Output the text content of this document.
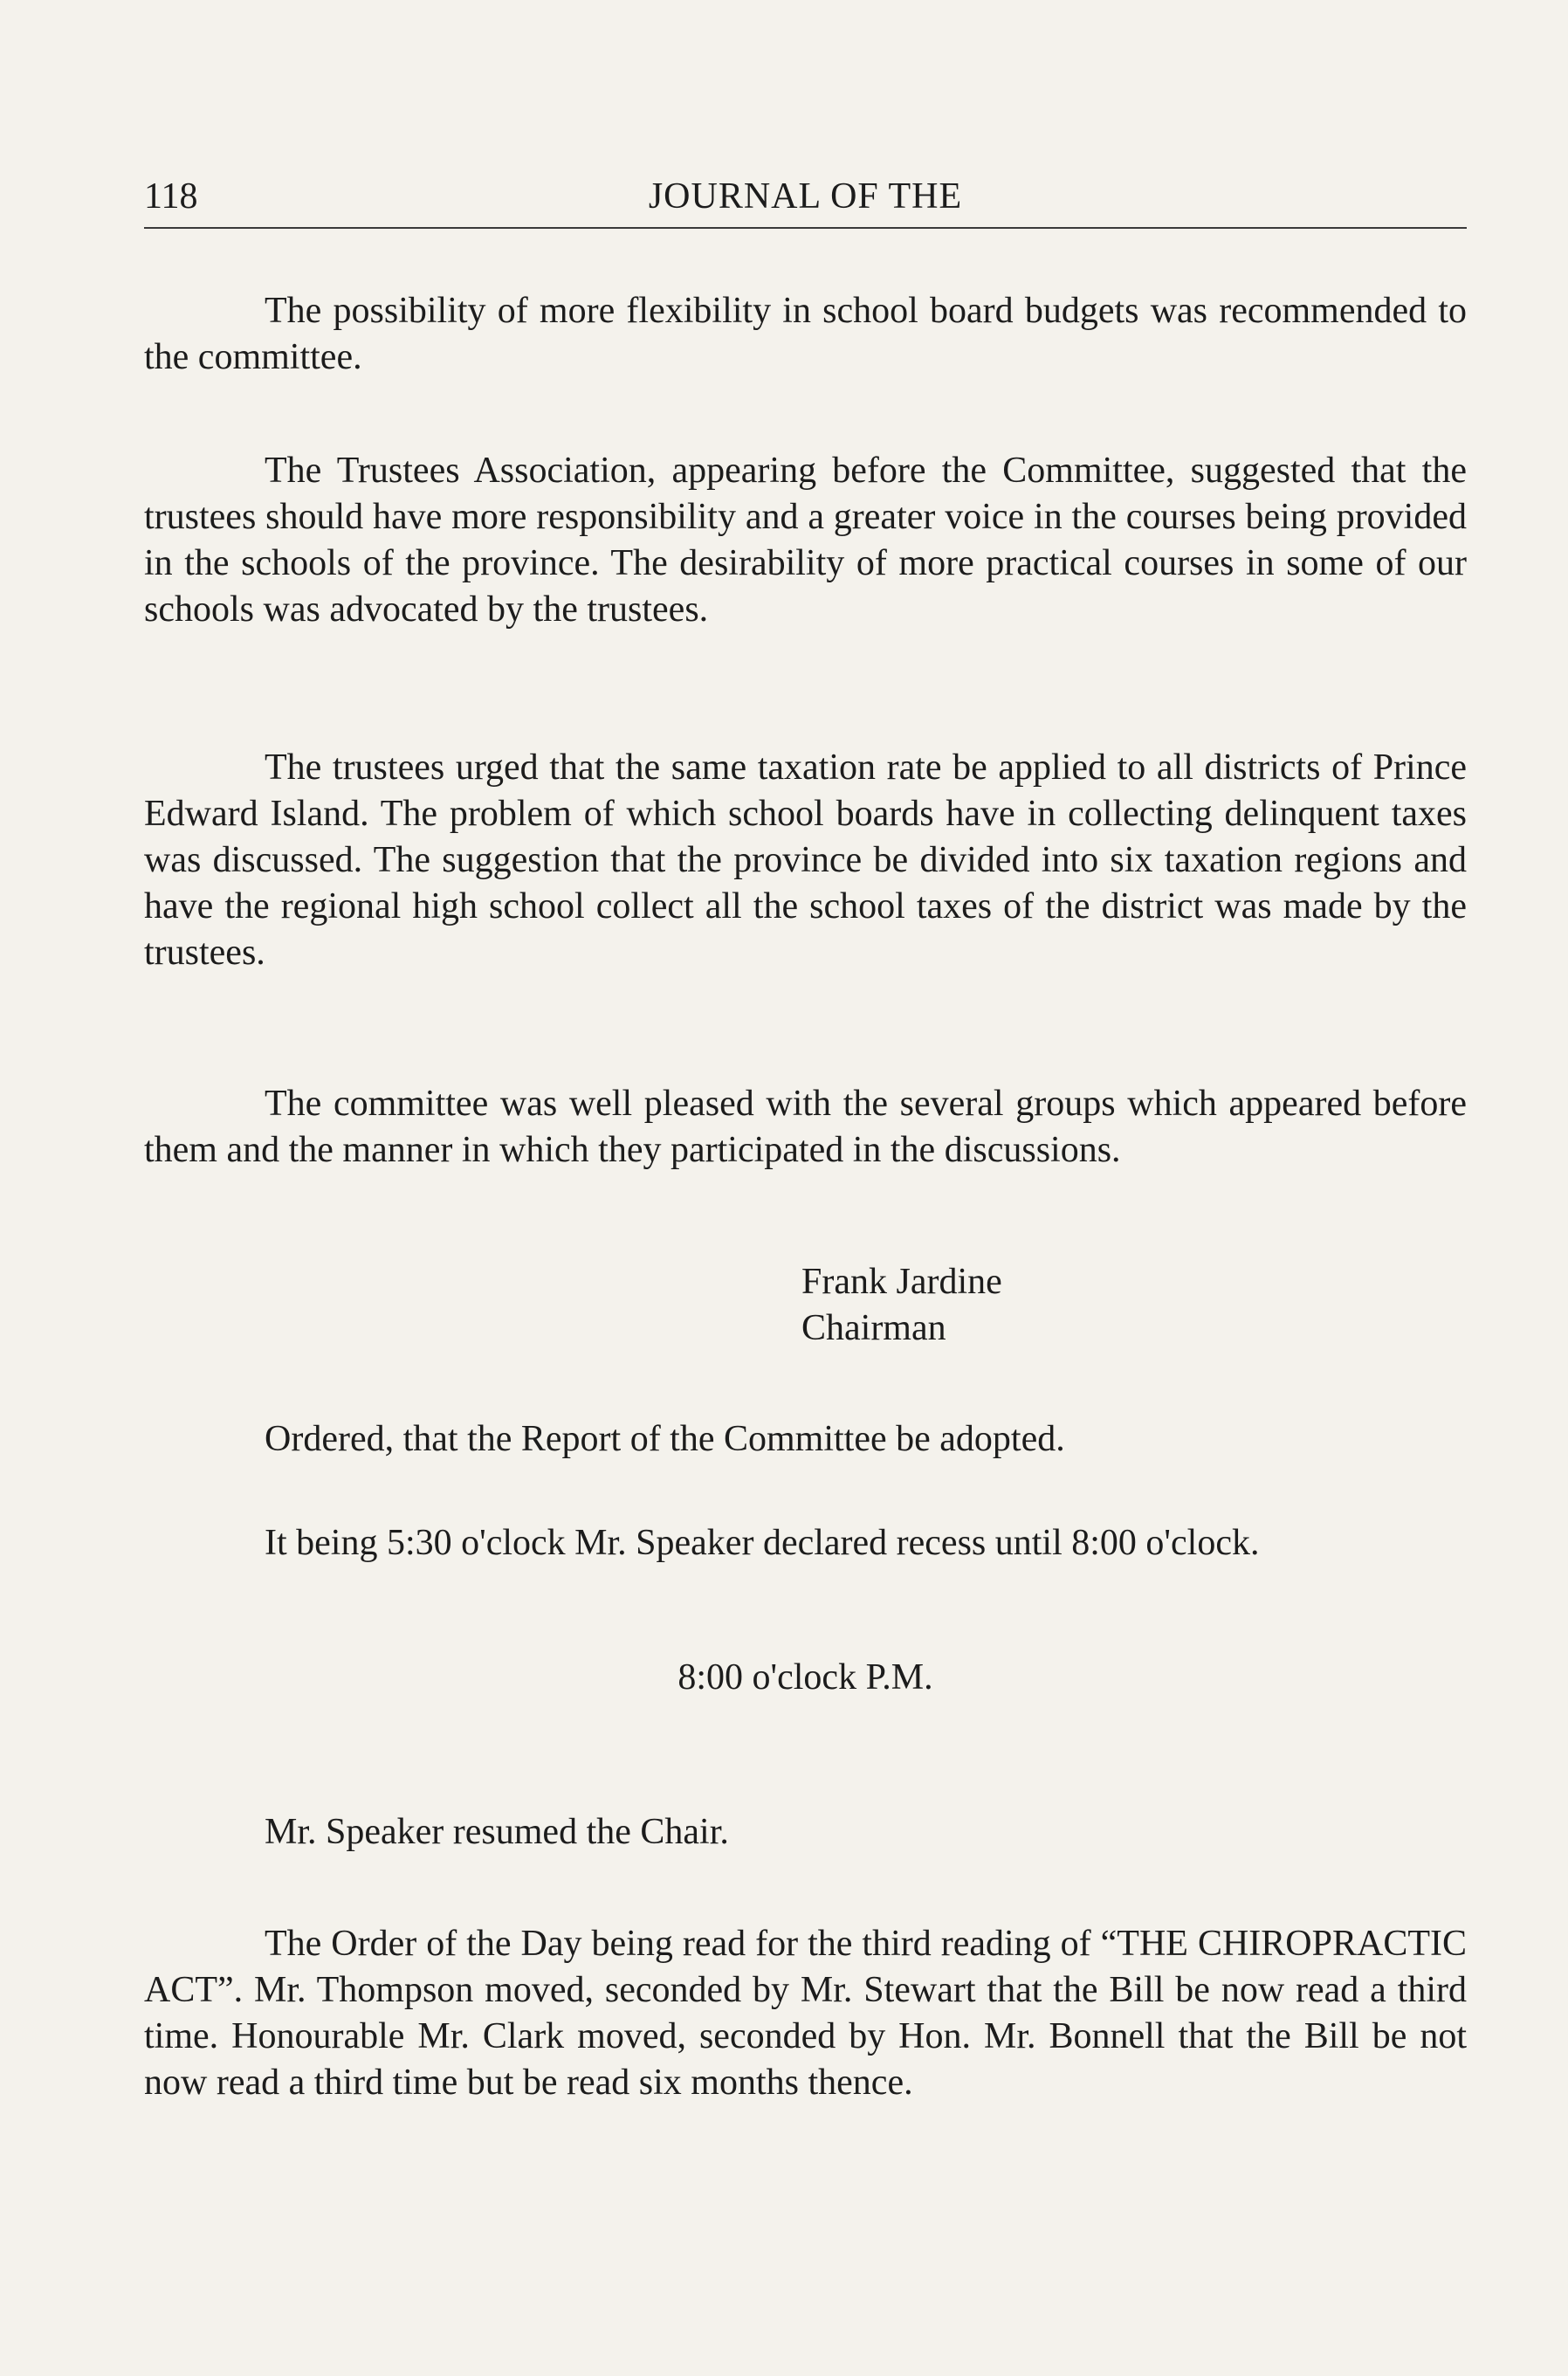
118	JOURNAL OF THE

The possibility of more flexibility in school board budgets was recommended to the committee.

The Trustees Association, appearing before the Committee, suggested that the trustees should have more responsibility and a greater voice in the courses being provided in the schools of the province. The desirability of more practical courses in some of our schools was advocated by the trustees.

The trustees urged that the same taxation rate be applied to all districts of Prince Edward Island. The problem of which school boards have in collecting delinquent taxes was discussed. The suggestion that the province be divided into six taxation regions and have the regional high school collect all the school taxes of the district was made by the trustees.

The committee was well pleased with the several groups which appeared before them and the manner in which they participated in the discussions.

Frank Jardine
Chairman

Ordered, that the Report of the Committee be adopted.

It being 5:30 o'clock Mr. Speaker declared recess until 8:00 o'clock.

8:00 o'clock P.M.

Mr. Speaker resumed the Chair.

The Order of the Day being read for the third reading of “THE CHIROPRACTIC ACT”. Mr. Thompson moved, seconded by Mr. Stewart that the Bill be now read a third time. Honourable Mr. Clark moved, seconded by Hon. Mr. Bonnell that the Bill be not now read a third time but be read six months thence.
